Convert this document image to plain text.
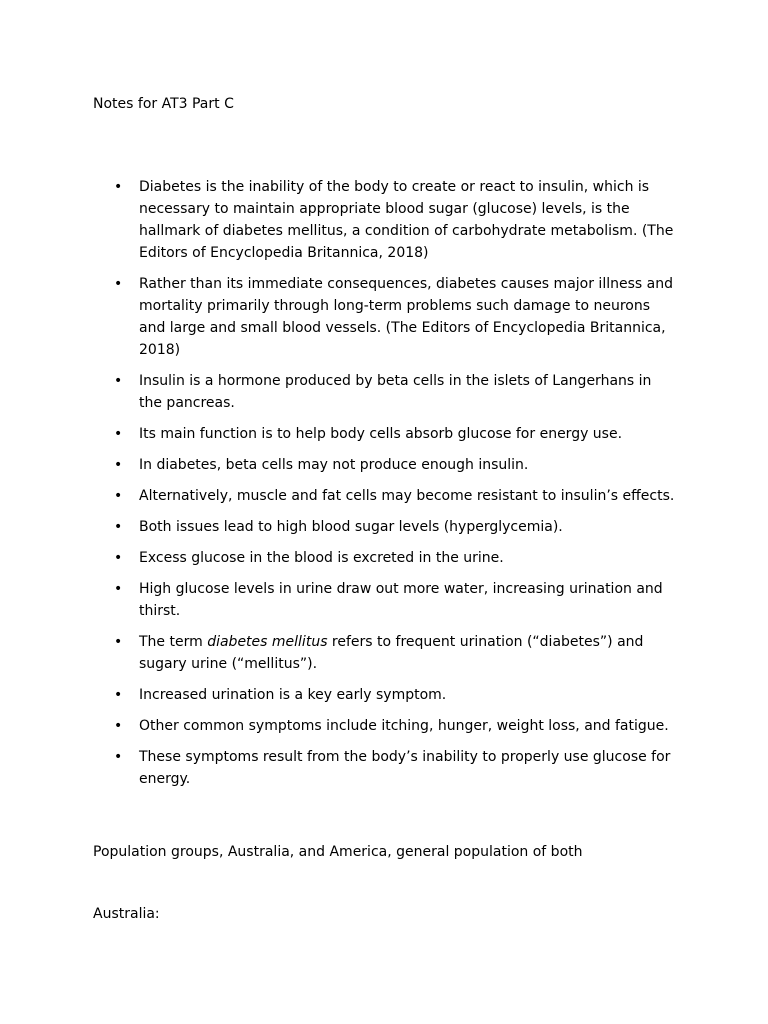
Notes for AT3 Part C

• Diabetes is the inability of the body to create or react to insulin, which is necessary to maintain appropriate blood sugar (glucose) levels, is the hallmark of diabetes mellitus, a condition of carbohydrate metabolism. (The Editors of Encyclopedia Britannica, 2018)
• Rather than its immediate consequences, diabetes causes major illness and mortality primarily through long-term problems such damage to neurons and large and small blood vessels. (The Editors of Encyclopedia Britannica, 2018)
• Insulin is a hormone produced by beta cells in the islets of Langerhans in the pancreas.
• Its main function is to help body cells absorb glucose for energy use.
• In diabetes, beta cells may not produce enough insulin.
• Alternatively, muscle and fat cells may become resistant to insulin’s effects.
• Both issues lead to high blood sugar levels (hyperglycemia).
• Excess glucose in the blood is excreted in the urine.
• High glucose levels in urine draw out more water, increasing urination and thirst.
• The term diabetes mellitus refers to frequent urination (“diabetes”) and sugary urine (“mellitus”).
• Increased urination is a key early symptom.
• Other common symptoms include itching, hunger, weight loss, and fatigue.
• These symptoms result from the body’s inability to properly use glucose for energy.

Population groups, Australia, and America, general population of both

Australia:
